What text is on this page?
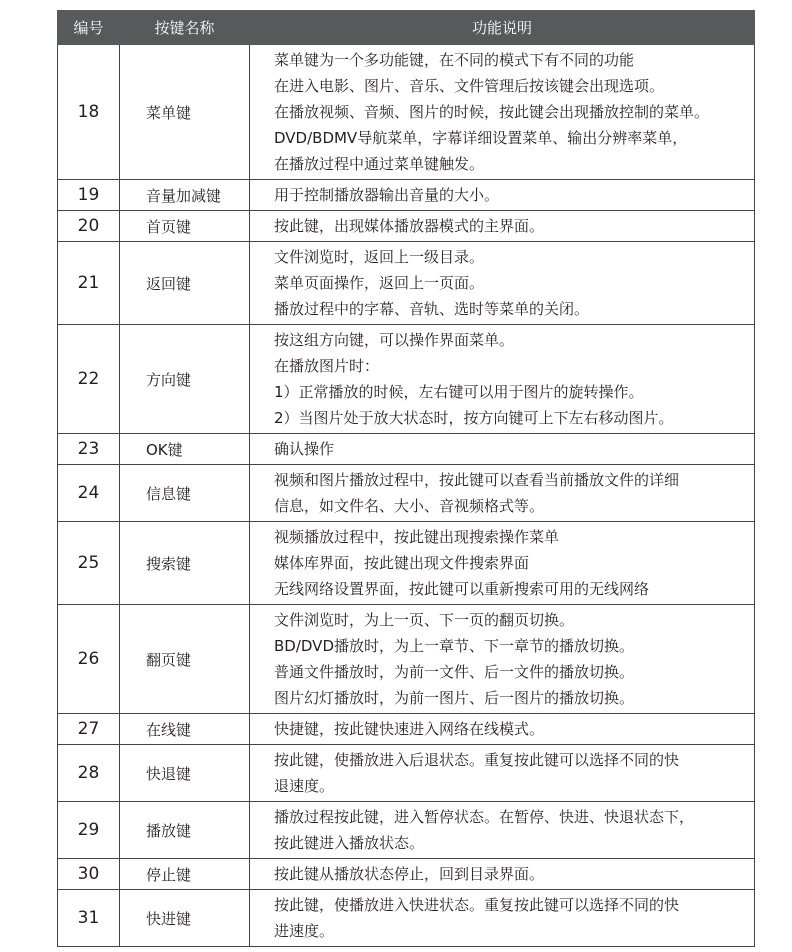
编号	按键名称	功能说明
18	菜单键	菜单键为一个多功能键，在不同的模式下有不同的功能
在进入电影、图片、音乐、文件管理后按该键会出现选项。
在播放视频、音频、图片的时候，按此键会出现播放控制的菜单。
DVD/BDMV导航菜单，字幕详细设置菜单、输出分辨率菜单，
在播放过程中通过菜单键触发。

19	音量加减键	用于控制播放器输出音量的大小。

20	首页键	按此键，出现媒体播放器模式的主界面。

21	返回键	文件浏览时，返回上一级目录。
菜单页面操作，返回上一页面。
播放过程中的字幕、音轨、选时等菜单的关闭。

22	方向键	按这组方向键，可以操作界面菜单。
在播放图片时：
1）正常播放的时候，左右键可以用于图片的旋转操作。
2）当图片处于放大状态时，按方向键可上下左右移动图片。

23	OK键	确认操作

24	信息键	视频和图片播放过程中，按此键可以查看当前播放文件的详细
信息，如文件名、大小、音视频格式等。

25	搜索键	视频播放过程中，按此键出现搜索操作菜单
媒体库界面，按此键出现文件搜索界面
无线网络设置界面，按此键可以重新搜索可用的无线网络

26	翻页键	文件浏览时，为上一页、下一页的翻页切换。
BD/DVD播放时，为上一章节、下一章节的播放切换。
普通文件播放时，为前一文件、后一文件的播放切换。
图片幻灯播放时，为前一图片、后一图片的播放切换。

27	在线键	快捷键，按此键快速进入网络在线模式。

28	快退键	按此键，使播放进入后退状态。重复按此键可以选择不同的快
退速度。

29	播放键	播放过程按此键，进入暂停状态。在暂停、快进、快退状态下，
按此键进入播放状态。

30	停止键	按此键从播放状态停止，回到目录界面。

31	快进键	按此键，使播放进入快进状态。重复按此键可以选择不同的快
进速度。
